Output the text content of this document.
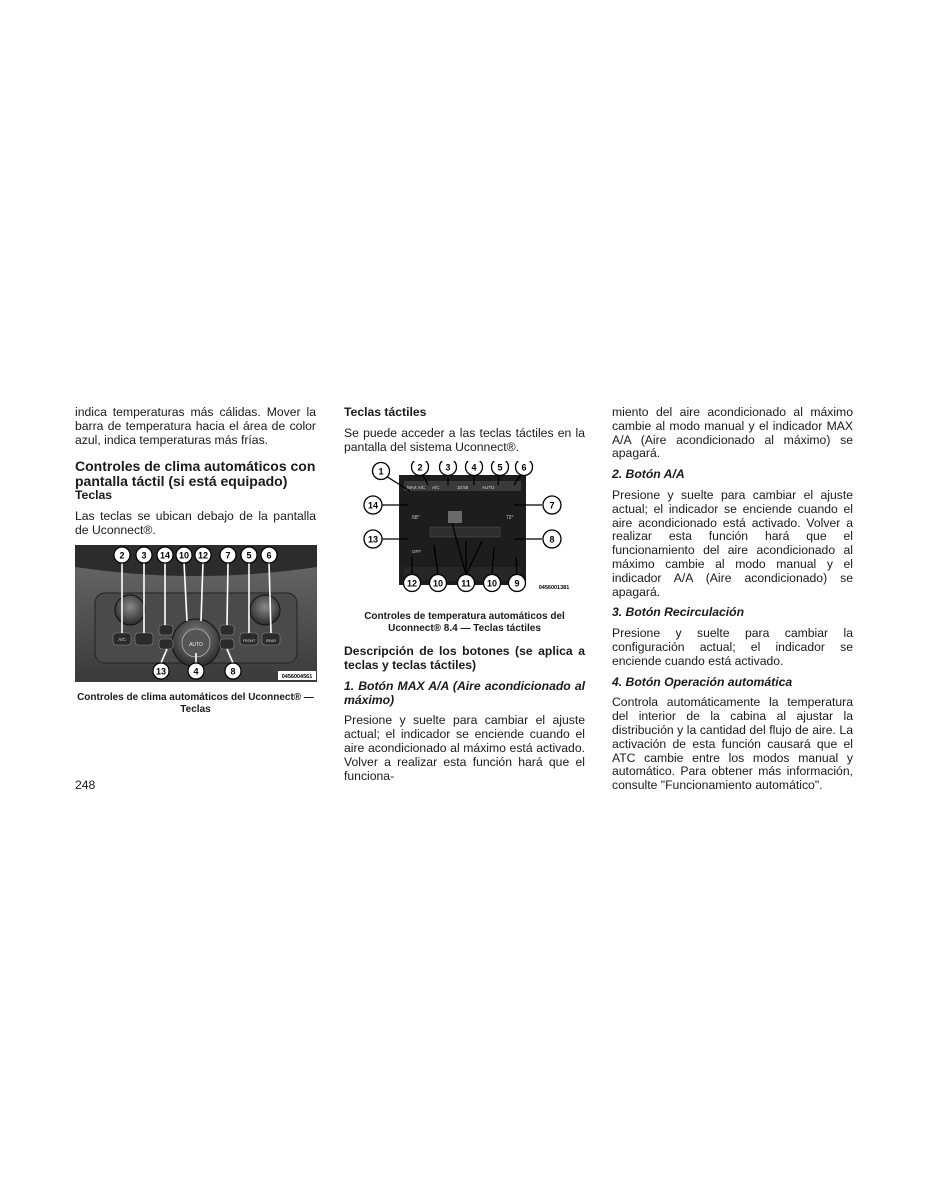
indica temperaturas más cálidas. Mover la barra de temperatura hacia el área de color azul, indica temperaturas más frías.

Controles de clima automáticos con pantalla táctil (si está equipado)
Teclas

Las teclas se ubican debajo de la pantalla de Uconnect®.

AUTO
A/C	FRONT	REAR
2 3 14 10 12 7 5 6
13	4	8
0456004561
Controles de clima automáticos del Uconnect® — Teclas
Teclas táctiles

Se puede acceder a las teclas táctiles en la pantalla del sistema Uconnect®.

MAX A/C A/C	10:55	AUTO
68°	72°
OFF
1	2	3 4 5 6
14
13
7
8
12 10 11 10 9	0456001381
Controles de temperatura automáticos del Uconnect® 8.4 — Teclas táctiles
Descripción de los botones (se aplica a teclas y teclas táctiles)
1. Botón MAX A/A (Aire acondicionado al máximo)

Presione y suelte para cambiar el ajuste actual; el indicador se enciende cuando el aire acondicionado al máximo está activado. Volver a realizar esta función hará que el funciona-

miento del aire acondicionado al máximo cambie al modo manual y el indicador MAX A/A (Aire acondicionado al máximo) se apagará.

2. Botón A/A

Presione y suelte para cambiar el ajuste actual; el indicador se enciende cuando el aire acondicionado está activado. Volver a realizar esta función hará que el funcionamiento del aire acondicionado al máximo cambie al modo manual y el indicador A/A (Aire acondicionado) se apagará.

3. Botón Recirculación

Presione y suelte para cambiar la configuración actual; el indicador se enciende cuando está activado.

4. Botón Operación automática

Controla automáticamente la temperatura del interior de la cabina al ajustar la distribución y la cantidad del flujo de aire. La activación de esta función causará que el ATC cambie entre los modos manual y automático. Para obtener más información, consulte "Funcionamiento automático".

248
